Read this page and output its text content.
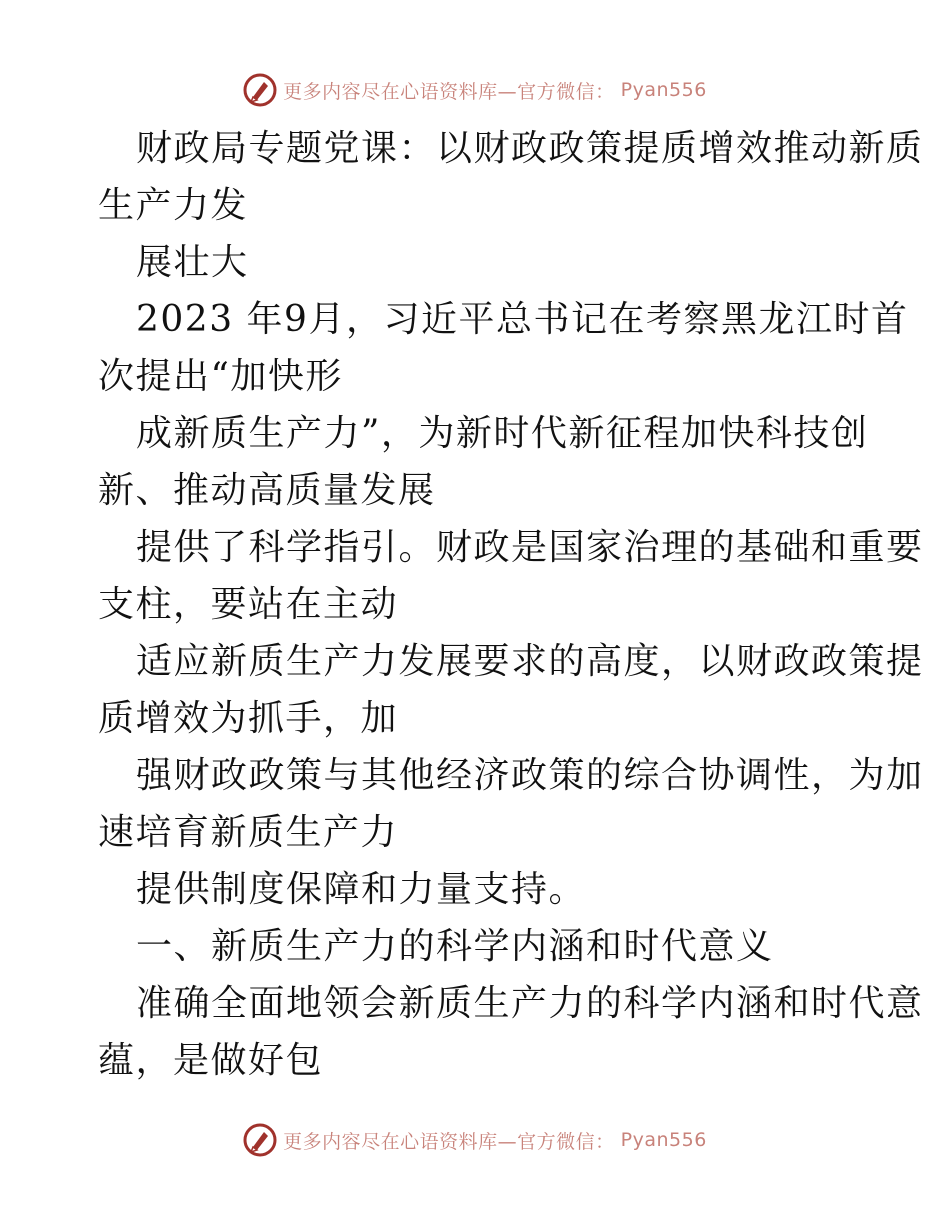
更多内容尽在心语资料库—官方微信： Pyan556
财政局专题党课：以财政政策提质增效推动新质
生产力发
展壮大
2023 年9月，习近平总书记在考察黑龙江时首
次提出“加快形
成新质生产力”，为新时代新征程加快科技创
新、推动高质量发展
提供了科学指引。财政是国家治理的基础和重要
支柱，要站在主动
适应新质生产力发展要求的高度，以财政政策提
质增效为抓手，加
强财政政策与其他经济政策的综合协调性，为加
速培育新质生产力
提供制度保障和力量支持。
一、新质生产力的科学内涵和时代意义
准确全面地领会新质生产力的科学内涵和时代意
蕴，是做好包
更多内容尽在心语资料库—官方微信： Pyan556
